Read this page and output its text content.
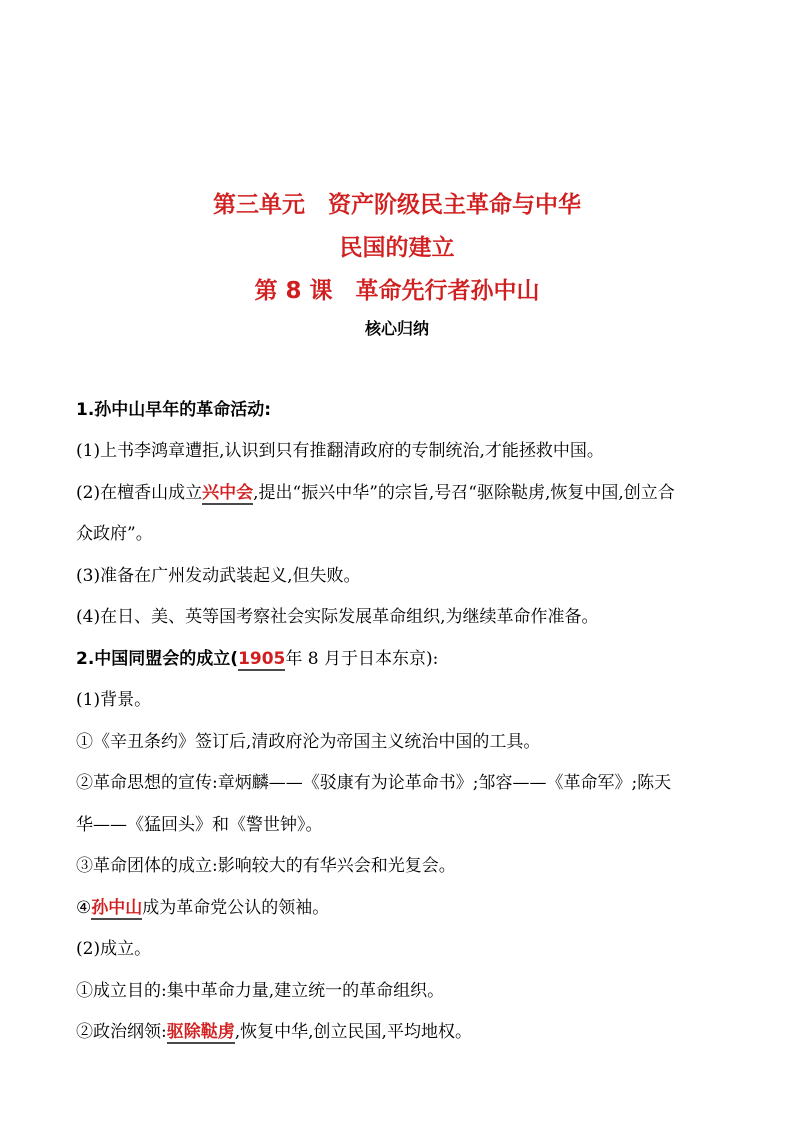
第三单元　资产阶级民主革命与中华
民国的建立
第 8 课　革命先行者孙中山
核心归纳
1.孙中山早年的革命活动:
(1)上书李鸿章遭拒,认识到只有推翻清政府的专制统治,才能拯救中国。
(2)在檀香山成立兴中会,提出“振兴中华”的宗旨,号召“驱除鞑虏,恢复中国,创立合
众政府”。
(3)准备在广州发动武装起义,但失败。
(4)在日、美、英等国考察社会实际发展革命组织,为继续革命作准备。
2.中国同盟会的成立(1905年 8 月于日本东京):
(1)背景。
①《辛丑条约》签订后,清政府沦为帝国主义统治中国的工具。
②革命思想的宣传:章炳麟——《驳康有为论革命书》;邹容——《革命军》;陈天
华——《猛回头》和《警世钟》。
③革命团体的成立:影响较大的有华兴会和光复会。
④孙中山成为革命党公认的领袖。
(2)成立。
①成立目的:集中革命力量,建立统一的革命组织。
②政治纲领:驱除鞑虏,恢复中华,创立民国,平均地权。
